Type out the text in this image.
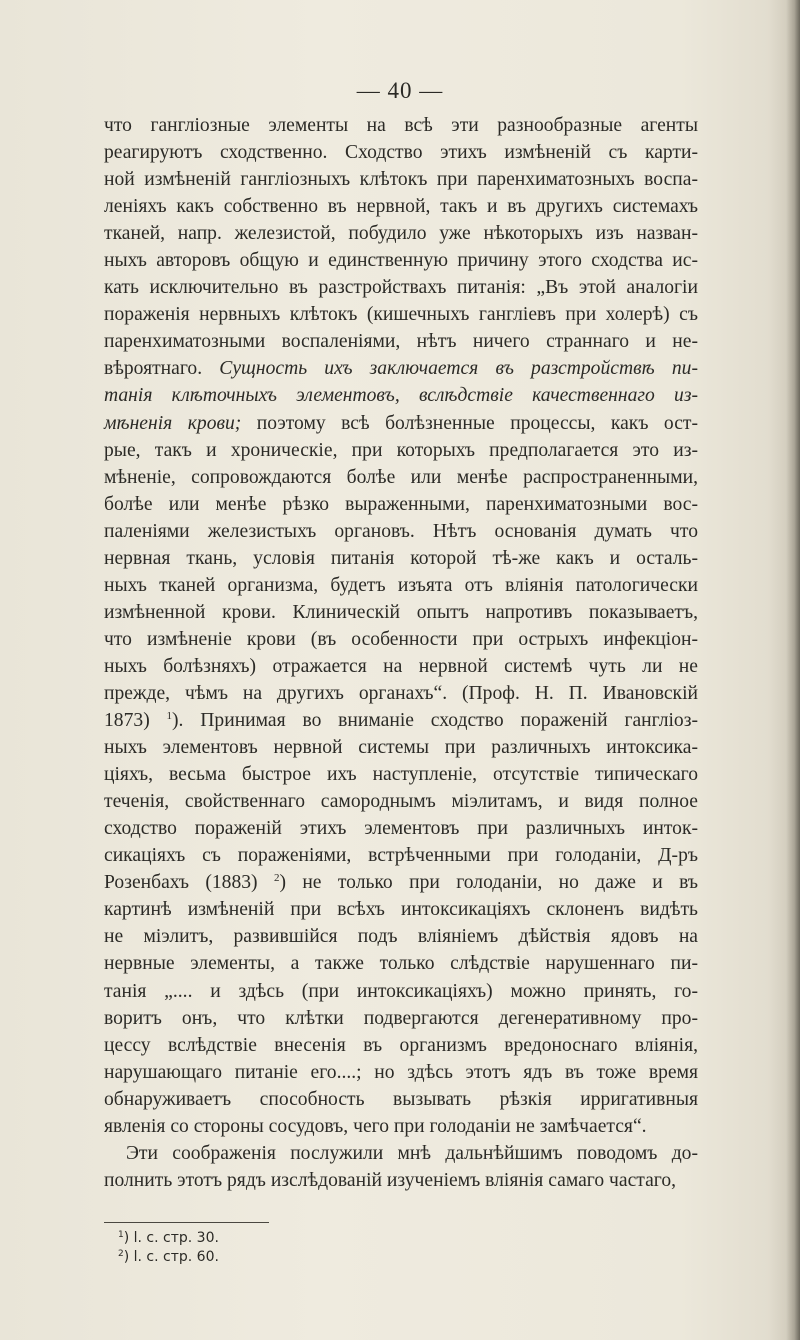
— 40 —
что ганглiозные элементы на всѣ эти разнообразные агенты
реагируютъ сходственно. Сходство этихъ измѣненiй съ карти-
ной измѣненiй ганглiозныхъ клѣтокъ при паренхиматозныхъ воспа-
ленiяхъ какъ собственно въ нервной, такъ и въ другихъ системахъ
тканей, напр. железистой, побудило уже нѣкоторыхъ изъ назван-
ныхъ авторовъ общую и единственную причину этого сходства ис-
кать исключительно въ разстройствахъ питанiя: „Въ этой аналогiи
пораженiя нервныхъ клѣтокъ (кишечныхъ ганглiевъ при холерѣ) съ
паренхиматозными воспаленiями, нѣтъ ничего страннаго и не-
вѣроятнаго. Сущность ихъ заключается въ разстройствѣ пи-
танiя клѣточныхъ элементовъ, вслѣдствiе качественнаго из-
мѣненiя крови; поэтому всѣ болѣзненные процессы, какъ ост-
рые, такъ и хроническiе, при которыхъ предполагается это из-
мѣненiе, сопровождаются болѣе или менѣе распространенными,
болѣе или менѣе рѣзко выраженными, паренхиматозными вос-
паленiями железистыхъ органовъ. Нѣтъ основанiя думать что
нервная ткань, условiя питанiя которой тѣ-же какъ и осталь-
ныхъ тканей организма, будетъ изъята отъ влiянiя патологически
измѣненной крови. Клиническiй опытъ напротивъ показываетъ,
что измѣненiе крови (въ особенности при острыхъ инфекцiон-
ныхъ болѣзняхъ) отражается на нервной системѣ чуть ли не
прежде, чѣмъ на другихъ органахъ“. (Проф. Н. П. Ивановскiй
1873) $^1$). Принимая во вниманiе сходство пораженiй ганглiоз-
ныхъ элементовъ нервной системы при различныхъ интоксика-
цiяхъ, весьма быстрое ихъ наступленiе, отсутствiе типическаго
теченiя, свойственнаго самороднымъ мiэлитамъ, и видя полное
сходство пораженiй этихъ элементовъ при различныхъ инток-
сикацiяхъ съ пораженiями, встрѣченными при голоданiи, Д-ръ
Розенбахъ (1883) $^2$) не только при голоданiи, но даже и въ
картинѣ измѣненiй при всѣхъ интоксикацiяхъ склоненъ видѣть
не мiэлитъ, развившiйся подъ влiянiемъ дѣйствiя ядовъ на
нервные элементы, а также только слѣдствiе нарушеннаго пи-
танiя „.... и здѣсь (при интоксикацiяхъ) можно принять, го-
воритъ онъ, что клѣтки подвергаются дегенеративному про-
цессу вслѣдствiе внесенiя въ организмъ вредоноснаго влiянiя,
нарушающаго питанiе его....; но здѣсь этотъ ядъ въ тоже время
обнаруживаетъ способность вызывать рѣзкiя ирригативныя
явленiя со стороны сосудовъ, чего при голоданiи не замѣчается“.
Эти соображенiя послужили мнѣ дальнѣйшимъ поводомъ до-
полнить этотъ рядъ изслѣдованiй изученiемъ влiянiя самаго частаго,
$^1$) l. c. стр. 30.
$^2$) l. c. стр. 60.
